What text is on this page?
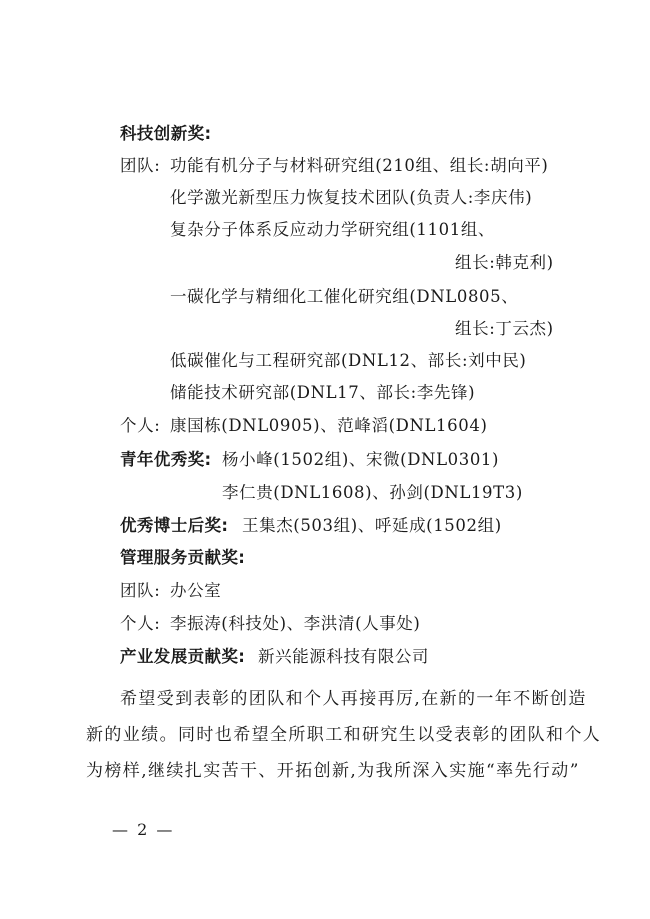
科技创新奖:
团队: 功能有机分子与材料研究组(210组、组长:胡向平)
化学激光新型压力恢复技术团队(负责人:李庆伟)
复杂分子体系反应动力学研究组(1101组、
组长:韩克利)
一碳化学与精细化工催化研究组(DNL0805、
组长:丁云杰)
低碳催化与工程研究部(DNL12、部长:刘中民)
储能技术研究部(DNL17、部长:李先锋)
个人: 康国栋(DNL0905)、范峰滔(DNL1604)
青年优秀奖: 杨小峰(1502组)、宋微(DNL0301)
李仁贵(DNL1608)、孙剑(DNL19T3)
优秀博士后奖: 王集杰(503组)、呼延成(1502组)
管理服务贡献奖:
团队: 办公室
个人: 李振涛(科技处)、李洪清(人事处)
产业发展贡献奖: 新兴能源科技有限公司
希望受到表彰的团队和个人再接再厉,在新的一年不断创造
新的业绩。同时也希望全所职工和研究生以受表彰的团队和个人
为榜样,继续扎实苦干、开拓创新,为我所深入实施“率先行动”
— 2 —
